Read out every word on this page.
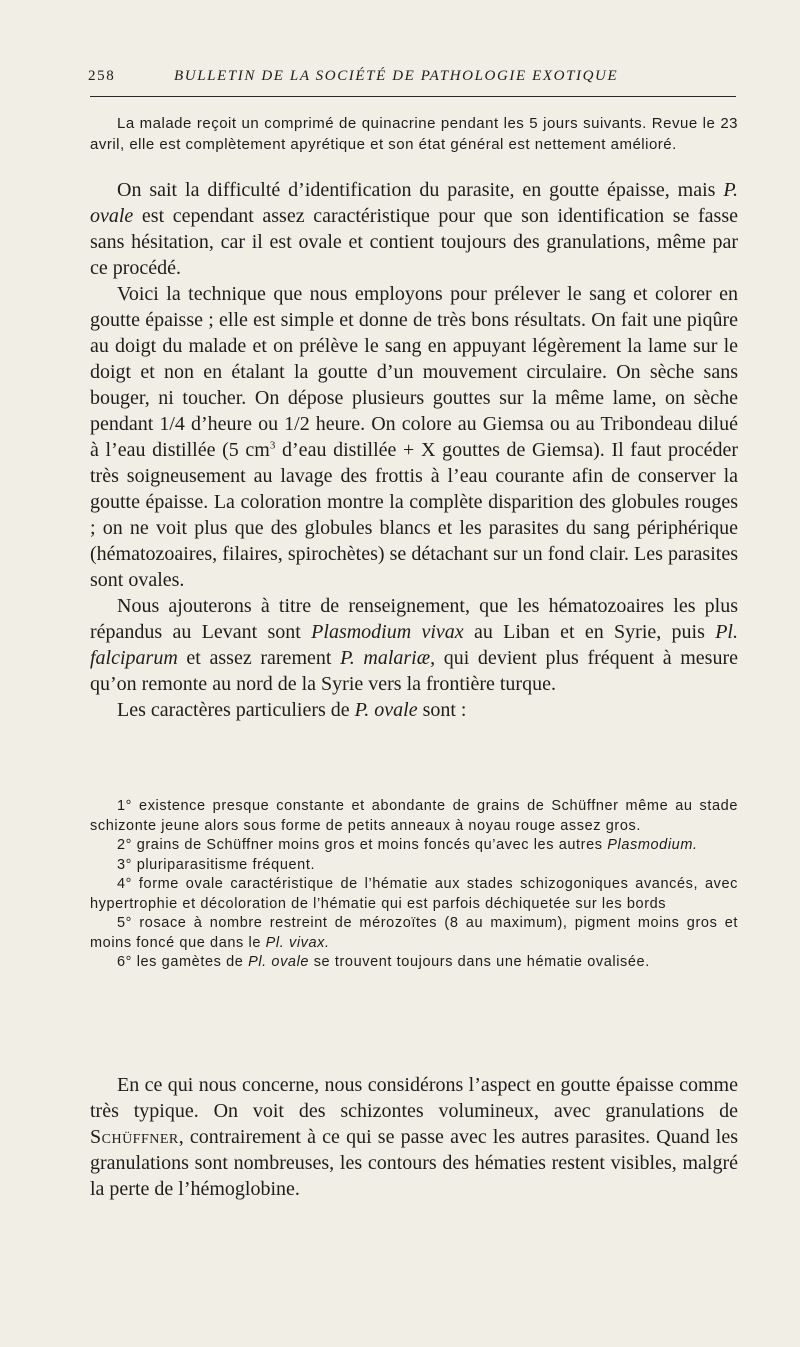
258	BULLETIN DE LA SOCIÉTÉ DE PATHOLOGIE EXOTIQUE

La malade reçoit un comprimé de quinacrine pendant les 5 jours suivants. Revue le 23 avril, elle est complètement apyrétique et son état général est nettement amélioré.

On sait la difficulté d’identification du parasite, en goutte épaisse, mais P. ovale est cependant assez caractéristique pour que son identification se fasse sans hésitation, car il est ovale et contient toujours des granulations, même par ce procédé.

Voici la technique que nous employons pour prélever le sang et colorer en goutte épaisse ; elle est simple et donne de très bons résultats. On fait une piqûre au doigt du malade et on prélève le sang en appuyant légèrement la lame sur le doigt et non en étalant la goutte d’un mouvement circulaire. On sèche sans bouger, ni toucher. On dépose plusieurs gouttes sur la même lame, on sèche pendant 1/4 d’heure ou 1/2 heure. On colore au Giemsa ou au Tribondeau dilué à l’eau distillée (5 $cm^3$ d’eau distillée + X gouttes de Giemsa). Il faut procéder très soigneusement au lavage des frottis à l’eau courante afin de conserver la goutte épaisse. La coloration montre la complète disparition des globules rouges ; on ne voit plus que des globules blancs et les parasites du sang périphérique (hématozoaires, filaires, spirochètes) se détachant sur un fond clair. Les parasites sont ovales.

Nous ajouterons à titre de renseignement, que les hématozoaires les plus répandus au Levant sont Plasmodium vivax au Liban et en Syrie, puis Pl. falciparum et assez rarement P. malariæ, qui devient plus fréquent à mesure qu’on remonte au nord de la Syrie vers la frontière turque.

Les caractères particuliers de P. ovale sont :

1° existence presque constante et abondante de grains de Schüffner même au stade schizonte jeune alors sous forme de petits anneaux à noyau rouge assez gros.

2° grains de Schüffner moins gros et moins foncés qu’avec les autres Plasmodium.

3° pluriparasitisme fréquent.

4° forme ovale caractéristique de l’hématie aux stades schizogoniques avancés, avec hypertrophie et décoloration de l’hématie qui est parfois déchiquetée sur les bords

5° rosace à nombre restreint de mérozoïtes (8 au maximum), pigment moins gros et moins foncé que dans le Pl. vivax.

6° les gamètes de Pl. ovale se trouvent toujours dans une hématie ovalisée.

En ce qui nous concerne, nous considérons l’aspect en goutte épaisse comme très typique. On voit des schizontes volumineux, avec granulations de Schüffner, contrairement à ce qui se passe avec les autres parasites. Quand les granulations sont nombreuses, les contours des hématies restent visibles, malgré la perte de l’hémoglobine.
